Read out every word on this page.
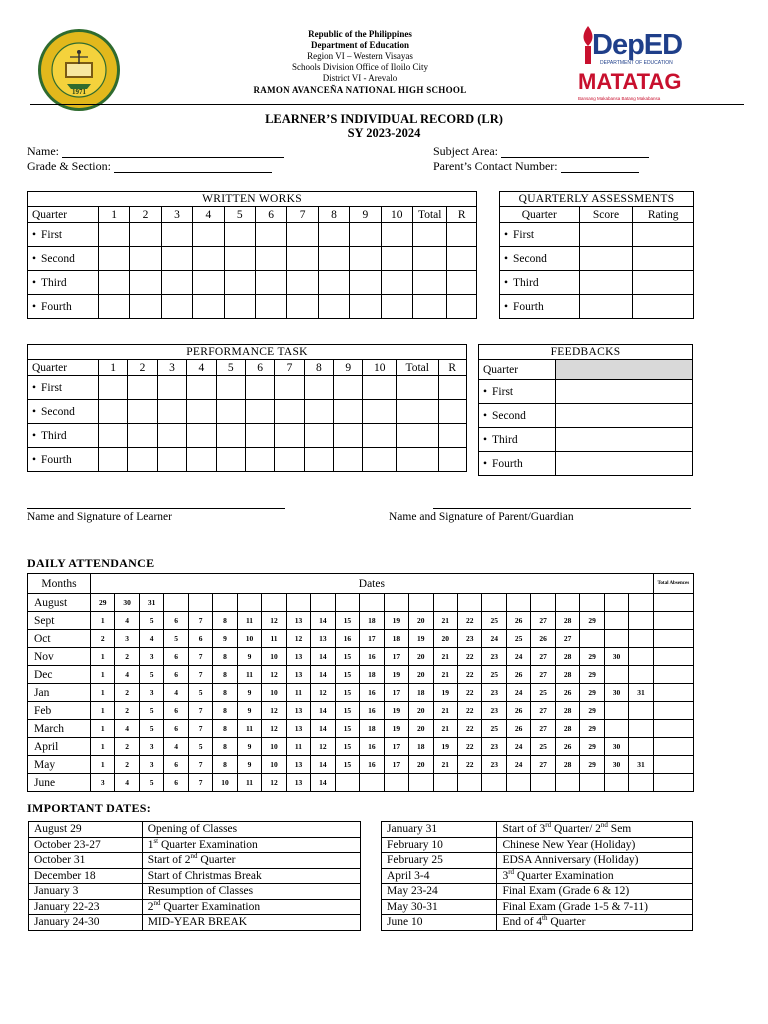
1971
Republic of the Philippines
Department of Education
Region VI – Western Visayas
Schools Division Office of Iloilo City
District VI - Arevalo
RAMON AVANCEÑA NATIONAL HIGH SCHOOL
DepED
DEPARTMENT OF EDUCATION
MATATAG
Bansang Makabansa Batang Makabansa
LEARNER’S INDIVIDUAL RECORD (LR)
SY 2023-2024
Name:
Grade & Section:
Subject Area:
Parent’s Contact Number:
WRITTEN WORKS												
Quarter	1	2	3	4	5	6	7	8	9	10	Total	R
• First												
• Second												
• Third												
• Fourth												
QUARTERLY ASSESSMENTS		
Quarter	Score	Rating
• First		
• Second		
• Third		
• Fourth		
PERFORMANCE TASK												
Quarter	1	2	3	4	5	6	7	8	9	10	Total	R
• First												
• Second												
• Third												
• Fourth												
FEEDBACKS	
Quarter	
• First	
• Second	
• Third	
• Fourth	
Name and Signature of Learner	Name and Signature of Parent/Guardian
DAILY ATTENDANCE
Months	Dates																							Total Absences
August	29	30	31																					
Sept	1	4	5	6	7	8	11	12	13	14	15	18	19	20	21	22	25	26	27	28	29			
Oct	2	3	4	5	6	9	10	11	12	13	16	17	18	19	20	23	24	25	26	27				
Nov	1	2	3	6	7	8	9	10	13	14	15	16	17	20	21	22	23	24	27	28	29	30		
Dec	1	4	5	6	7	8	11	12	13	14	15	18	19	20	21	22	25	26	27	28	29			
Jan	1	2	3	4	5	8	9	10	11	12	15	16	17	18	19	22	23	24	25	26	29	30	31	
Feb	1	2	5	6	7	8	9	12	13	14	15	16	19	20	21	22	23	26	27	28	29			
March	1	4	5	6	7	8	11	12	13	14	15	18	19	20	21	22	25	26	27	28	29			
April	1	2	3	4	5	8	9	10	11	12	15	16	17	18	19	22	23	24	25	26	29	30		
May	1	2	3	6	7	8	9	10	13	14	15	16	17	20	21	22	23	24	27	28	29	30	31	
June	3	4	5	6	7	10	11	12	13	14														
IMPORTANT DATES:
August 29	Opening of Classes
October 23-27	1st Quarter Examination
October 31	Start of 2nd Quarter
December 18	Start of Christmas Break
January 3	Resumption of Classes
January 22-23	2nd Quarter Examination
January 24-30	MID-YEAR BREAK
January 31	Start of 3rd Quarter/ 2nd Sem
February 10	Chinese New Year (Holiday)
February 25	EDSA Anniversary (Holiday)
April 3-4	3rd Quarter Examination
May 23-24	Final Exam (Grade 6 & 12)
May 30-31	Final Exam (Grade 1-5 & 7-11)
June 10	End of 4th Quarter
